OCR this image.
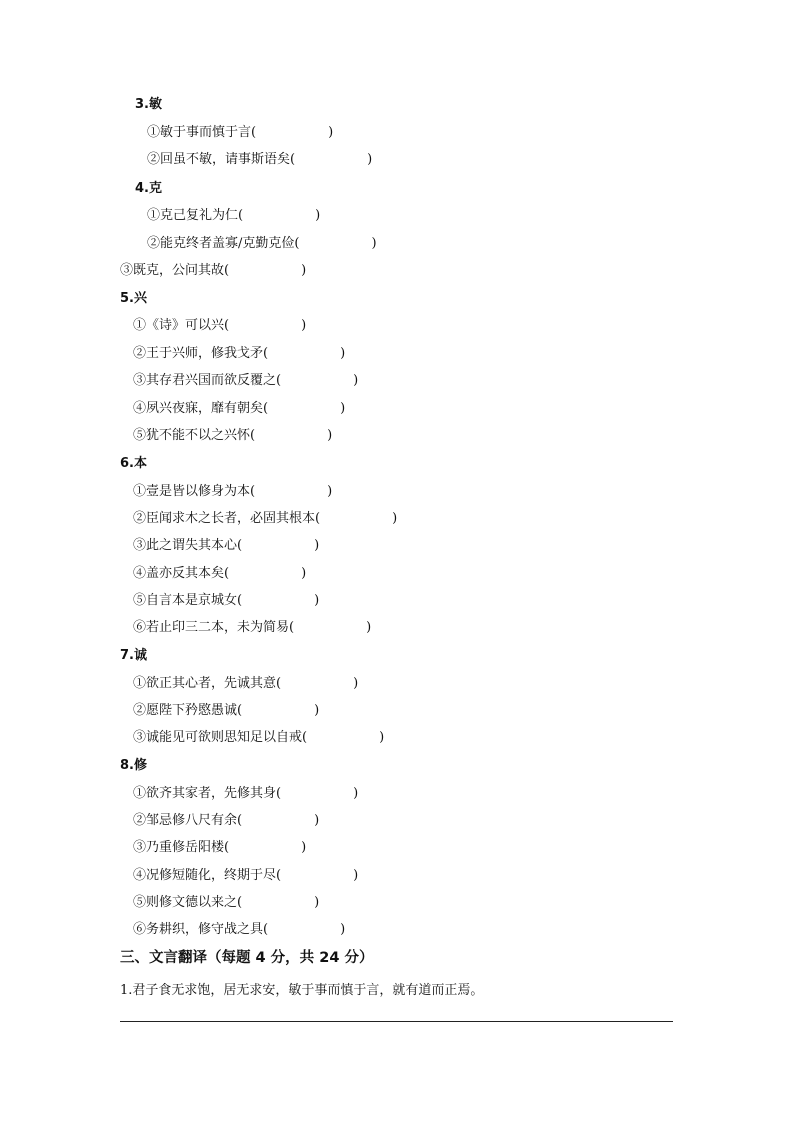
3.敏
①敏于事而慎于言(	)
②回虽不敏，请事斯语矣(	)
4.克
①克己复礼为仁(	)
②能克终者盖寡/克勤克俭(	)
③既克，公问其故(	)
5.兴
①《诗》可以兴(	)
②王于兴师，修我戈矛(	)
③其存君兴国而欲反覆之(	)
④夙兴夜寐，靡有朝矣(	)
⑤犹不能不以之兴怀(	)
6.本
①壹是皆以修身为本(	)
②臣闻求木之长者，必固其根本(	)
③此之谓失其本心(	)
④盖亦反其本矣(	)
⑤自言本是京城女(	)
⑥若止印三二本，未为简易(	)
7.诚
①欲正其心者，先诚其意(	)
②愿陛下矜愍愚诚(	)
③诚能见可欲则思知足以自戒(	)
8.修
①欲齐其家者，先修其身(	)
②邹忌修八尺有余(	)
③乃重修岳阳楼(	)
④况修短随化，终期于尽(	)
⑤则修文德以来之(	)
⑥务耕织，修守战之具(	)
三、文言翻译（每题 4 分，共 24 分）
1.君子食无求饱，居无求安，敏于事而慎于言，就有道而正焉。
